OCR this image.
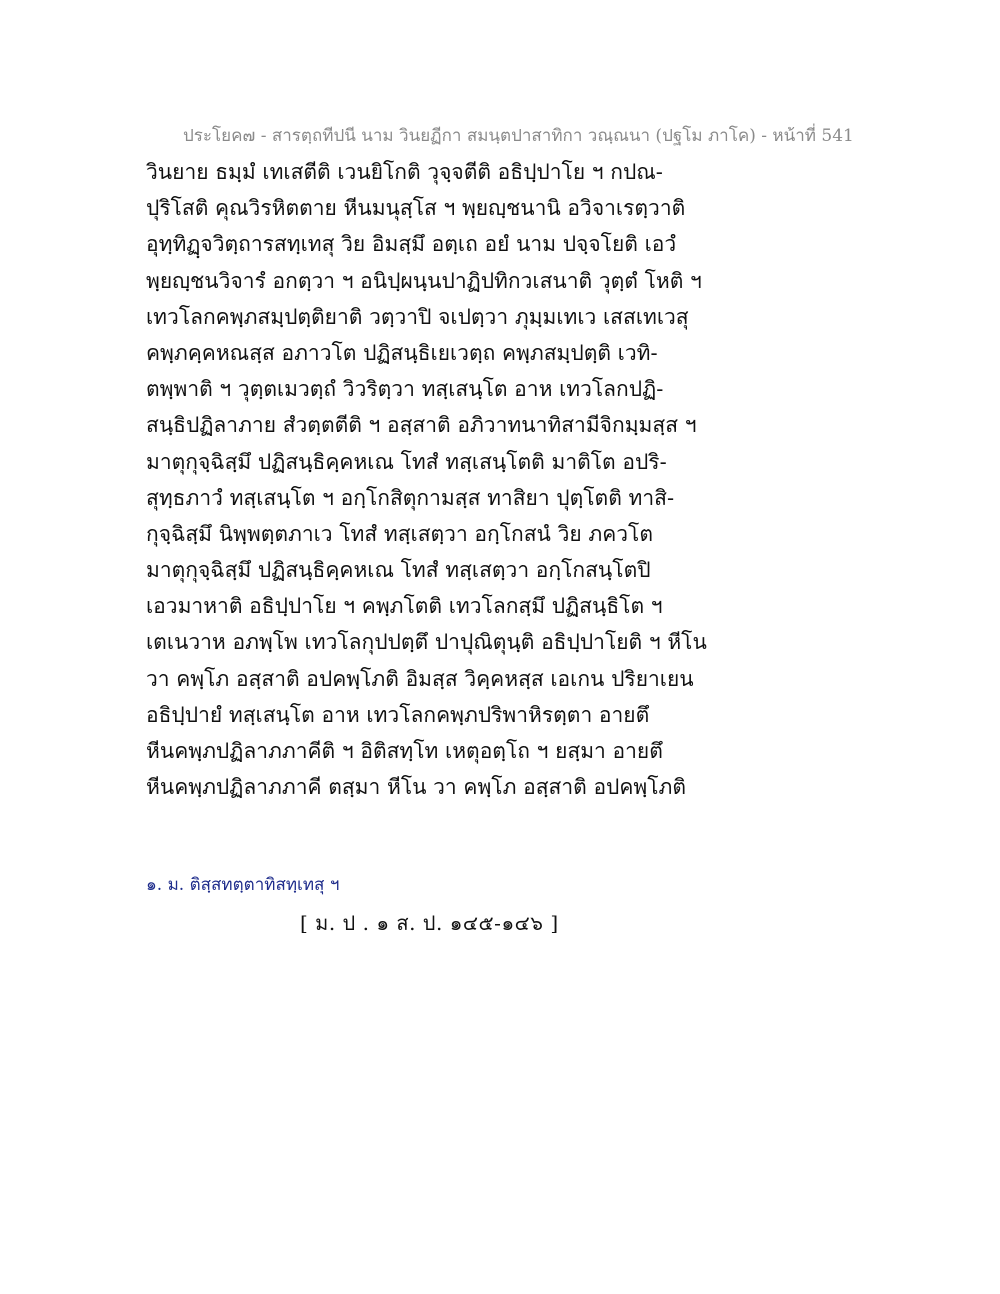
ประโยค๗ - สารตฺถทีปนี นาม วินยฏีกา สมนฺตปาสาทิกา วณฺณนา (ปฐโม ภาโค) - หน้าที่ 541
วินยาย ธมฺมํ เทเสตีติ เวนยิโกติ วุจฺจตีติ อธิปฺปาโย ฯ กปณ-
ปุริโสติ คุณวิรหิตตาย หีนมนุสฺโส ฯ พฺยญฺชนานิ อวิจาเรตฺวาติ
อุทฺทิฏฺจวิตฺถารสทฺเทสุ วิย อิมสฺมึ อตฺเถ อยํ นาม ปจฺจโยติ เอวํ
พฺยญฺชนวิจารํ อกตฺวา ฯ อนิปฺผนฺนปาฏิปทิกวเสนาติ วุตฺตํ โหติ ฯ
เทวโลกคพฺภสมฺปตฺติยาติ วตฺวาปิ จเปตฺวา ภุมฺมเทเว เสสเทเวสุ
คพฺภคฺคหณสฺส อภาวโต ปฏิสนฺธิเยเวตฺถ คพฺภสมฺปตฺติ เวทิ-
ตพฺพาติ ฯ วุตฺตเมวตฺถํ วิวริตฺวา ทสฺเสนฺโต อาห เทวโลกปฏิ-
สนฺธิปฏิลาภาย สํวตฺตตีติ ฯ อสฺสาติ อภิวาทนาทิสามีจิกมฺมสฺส ฯ
มาตุกุจฺฉิสฺมึ ปฏิสนฺธิคฺคหเณ โทสํ ทสฺเสนฺโตติ มาติโต อปริ-
สุทฺธภาวํ ทสฺเสนฺโต ฯ อกฺโกสิตุกามสฺส ทาสิยา ปุตฺโตติ ทาสิ-
กุจฺฉิสฺมึ นิพฺพตฺตภาเว โทสํ ทสฺเสตฺวา อกฺโกสนํ วิย ภควโต
มาตุกุจฺฉิสฺมึ ปฏิสนฺธิคฺคหเณ โทสํ ทสฺเสตฺวา อกฺโกสนฺโตปิ
เอวมาหาติ อธิปฺปาโย ฯ คพฺภโตติ เทวโลกสฺมึ ปฏิสนฺธิโต ฯ
เตเนวาห อภพฺโพ เทวโลกุปปตฺตึ ปาปุณิตุนฺติ อธิปฺปาโยติ ฯ หีโน
วา คพฺโภ อสฺสาติ อปคพฺโภติ อิมสฺส วิคฺคหสฺส เอเกน ปริยาเยน
อธิปฺปายํ ทสฺเสนฺโต อาห เทวโลกคพฺภปริพาหิรตฺตา อายตึ
หีนคพฺภปฏิลาภภาคีติ ฯ อิติสทฺโท เหตุอตฺโถ ฯ ยสฺมา อายตึ
หีนคพฺภปฏิลาภภาคี ตสฺมา หีโน วา คพฺโภ อสฺสาติ อปคพฺโภติ
๑. ม. ติสฺสทตฺตาทิสทฺเทสุ ฯ
[ ม. ป . ๑ ส. ป. ๑๔๕-๑๔๖ ]
